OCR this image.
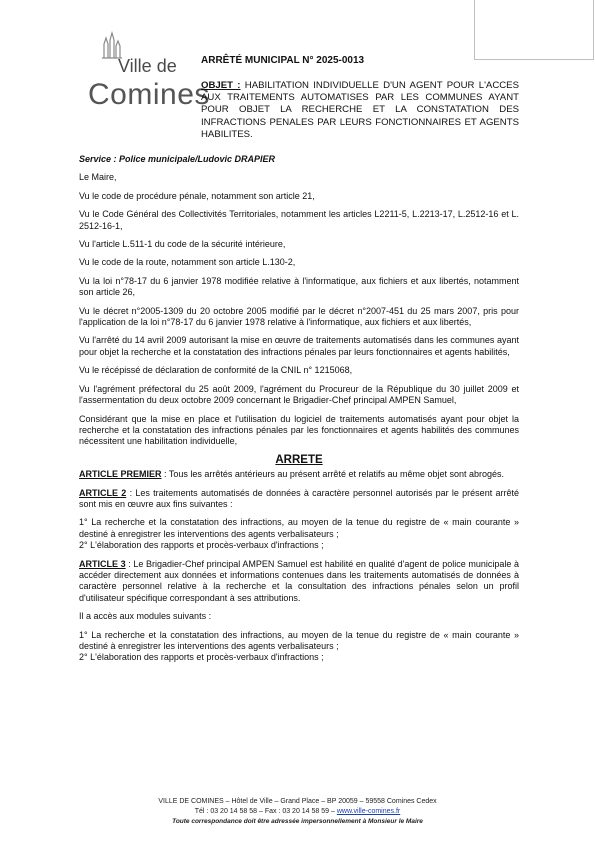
Ville de
Comines
ARRÊTÉ MUNICIPAL N° 2025-0013
OBJET : HABILITATION INDIVIDUELLE D'UN AGENT POUR L'ACCES AUX TRAITEMENTS AUTOMATISES PAR LES COMMUNES AYANT POUR OBJET LA RECHERCHE ET LA CONSTATATION DES INFRACTIONS PENALES PAR LEURS FONCTIONNAIRES ET AGENTS HABILITES.

Service : Police municipale/Ludovic DRAPIER

Le Maire,

Vu le code de procédure pénale, notamment son article 21,

Vu le Code Général des Collectivités Territoriales, notamment les articles L2211-5, L.2213-17, L.2512-16 et L. 2512-16-1,

Vu l'article L.511-1 du code de la sécurité intérieure,

Vu le code de la route, notamment son article L.130-2,

Vu la loi n°78-17 du 6 janvier 1978 modifiée relative à l'informatique, aux fichiers et aux libertés, notamment son article 26,

Vu le décret n°2005-1309 du 20 octobre 2005 modifié par le décret n°2007-451 du 25 mars 2007, pris pour l'application de la loi n°78-17 du 6 janvier 1978 relative à l'informatique, aux fichiers et aux libertés,

Vu l'arrêté du 14 avril 2009 autorisant la mise en œuvre de traitements automatisés dans les communes ayant pour objet la recherche et la constatation des infractions pénales par leurs fonctionnaires et agents habilités,

Vu le récépissé de déclaration de conformité de la CNIL n° 1215068,

Vu l'agrément préfectoral du 25 août 2009, l'agrément du Procureur de la République du 30 juillet 2009 et l'assermentation du deux octobre 2009 concernant le Brigadier-Chef principal AMPEN Samuel,

Considérant que la mise en place et l'utilisation du logiciel de traitements automatisés ayant pour objet la recherche et la constatation des infractions pénales par les fonctionnaires et agents habilités des communes nécessitent une habilitation individuelle,

ARRETE

ARTICLE PREMIER : Tous les arrêtés antérieurs au présent arrêté et relatifs au même objet sont abrogés.

ARTICLE 2 : Les traitements automatisés de données à caractère personnel autorisés par le présent arrêté sont mis en œuvre aux fins suivantes :

1° La recherche et la constatation des infractions, au moyen de la tenue du registre de « main courante » destiné à enregistrer les interventions des agents verbalisateurs ;

2° L'élaboration des rapports et procès-verbaux d'infractions ;

ARTICLE 3 : Le Brigadier-Chef principal AMPEN Samuel est habilité en qualité d'agent de police municipale à accéder directement aux données et informations contenues dans les traitements automatisés de données à caractère personnel relative à la recherche et la consultation des infractions pénales selon un profil d'utilisateur spécifique correspondant à ses attributions.

Il a accès aux modules suivants :

1° La recherche et la constatation des infractions, au moyen de la tenue du registre de « main courante » destiné à enregistrer les interventions des agents verbalisateurs ;

2° L'élaboration des rapports et procès-verbaux d'infractions ;

VILLE DE COMINES – Hôtel de Ville – Grand Place – BP 20059 – 59558 Comines Cedex
Tél : 03 20 14 58 58 – Fax : 03 20 14 58 59 – www.ville-comines.fr
Toute correspondance doit être adressée impersonnellement à Monsieur le Maire
